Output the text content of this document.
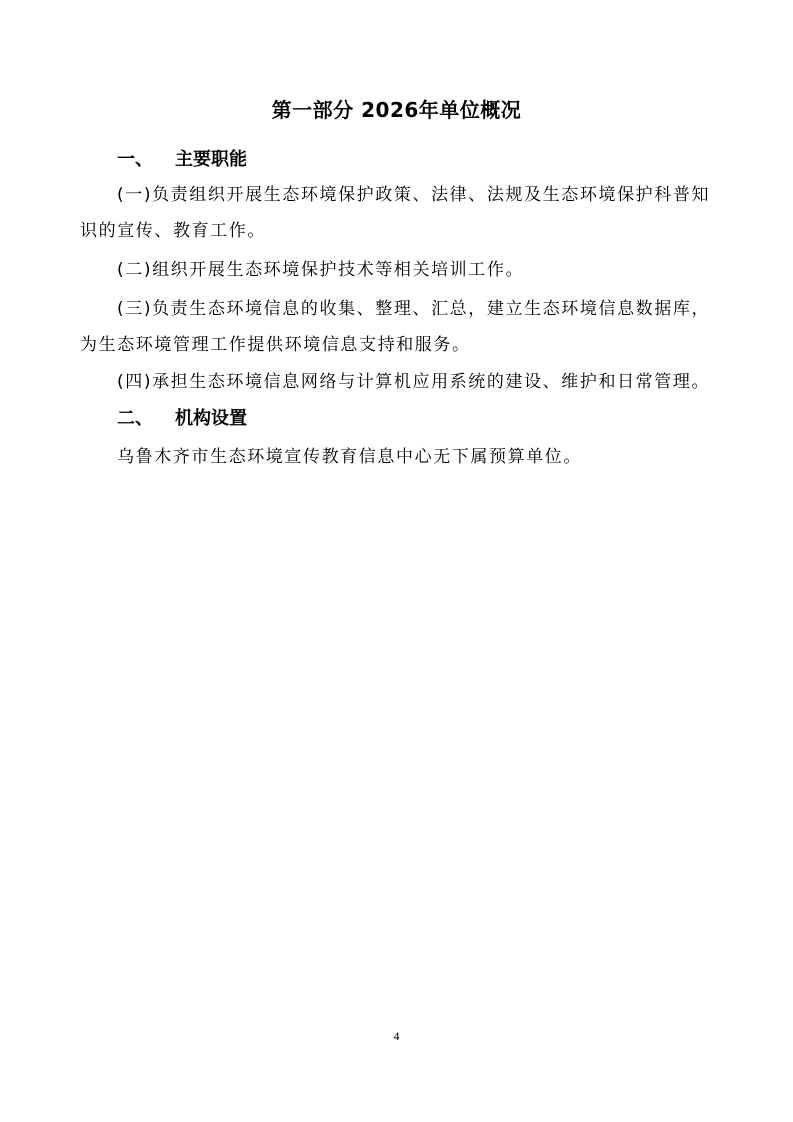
第一部分 2026年单位概况
一、 主要职能

(一)负责组织开展生态环境保护政策、法律、法规及生态环境保护科普知识的宣传、教育工作。

(二)组织开展生态环境保护技术等相关培训工作。

(三)负责生态环境信息的收集、整理、汇总，建立生态环境信息数据库，为生态环境管理工作提供环境信息支持和服务。

(四)承担生态环境信息网络与计算机应用系统的建设、维护和日常管理。

二、 机构设置

乌鲁木齐市生态环境宣传教育信息中心无下属预算单位。

4
